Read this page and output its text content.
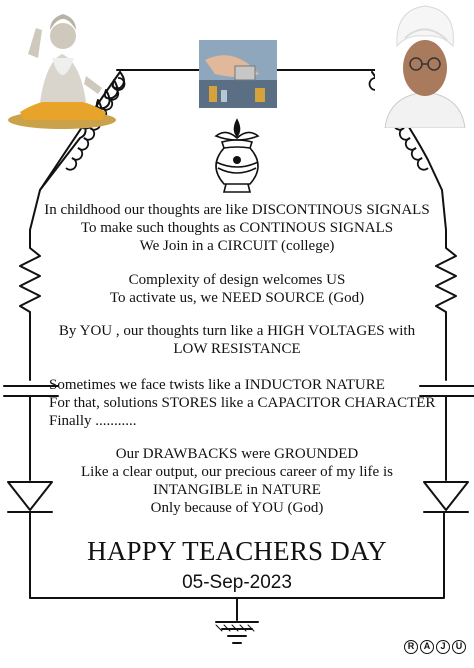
In childhood our thoughts are like DISCONTINOUS SIGNALS

To make such thoughts as CONTINOUS SIGNALS

We Join in a CIRCUIT (college)

Complexity of design welcomes US

To activate us, we NEED SOURCE (God)

By YOU , our thoughts turn like a HIGH VOLTAGES with

LOW RESISTANCE

Sometimes we face twists like a INDUCTOR NATURE

For that, solutions STORES like a CAPACITOR CHARACTER

Finally ...........

Our DRAWBACKS were GROUNDED

Like a clear output, our precious career of my life is

INTANGIBLE in NATURE

Only because of YOU (God)

HAPPY TEACHERS DAY

05-Sep-2023

R	A	J	U
